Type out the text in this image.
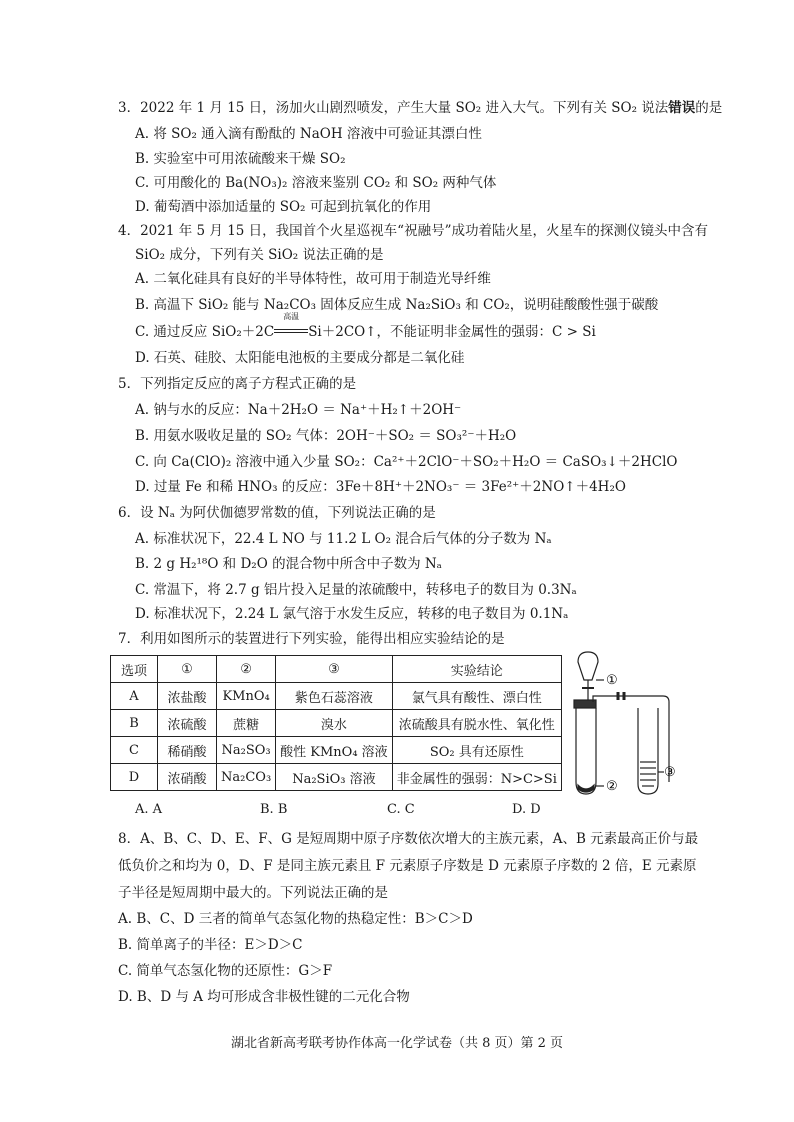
3．2022 年 1 月 15 日，汤加火山剧烈喷发，产生大量 SO₂ 进入大气。下列有关 SO₂ 说法错误的是
A. 将 SO₂ 通入滴有酚酞的 NaOH 溶液中可验证其漂白性
B. 实验室中可用浓硫酸来干燥 SO₂
C. 可用酸化的 Ba(NO₃)₂ 溶液来鉴别 CO₂ 和 SO₂ 两种气体
D. 葡萄酒中添加适量的 SO₂ 可起到抗氧化的作用
4．2021 年 5 月 15 日，我国首个火星巡视车“祝融号”成功着陆火星，火星车的探测仪镜头中含有
SiO₂ 成分，下列有关 SiO₂ 说法正确的是
A. 二氧化硅具有良好的半导体特性，故可用于制造光导纤维
B. 高温下 SiO₂ 能与 Na₂CO₃ 固体反应生成 Na₂SiO₃ 和 CO₂，说明硅酸酸性强于碳酸
C. 通过反应 SiO₂＋2C
高温
Si＋2CO↑，不能证明非金属性的强弱：C > Si
D. 石英、硅胶、太阳能电池板的主要成分都是二氧化硅
5．下列指定反应的离子方程式正确的是
A. 钠与水的反应：Na＋2H₂O ＝ Na⁺＋H₂↑＋2OH⁻
B. 用氨水吸收足量的 SO₂ 气体：2OH⁻＋SO₂ ＝ SO₃²⁻＋H₂O
C. 向 Ca(ClO)₂ 溶液中通入少量 SO₂：Ca²⁺＋2ClO⁻＋SO₂＋H₂O ＝ CaSO₃↓＋2HClO
D. 过量 Fe 和稀 HNO₃ 的反应：3Fe＋8H⁺＋2NO₃⁻ ＝ 3Fe²⁺＋2NO↑＋4H₂O
6．设 Nₐ 为阿伏伽德罗常数的值，下列说法正确的是
A. 标准状况下，22.4 L NO 与 11.2 L O₂ 混合后气体的分子数为 Nₐ
B. 2 g H₂¹⁸O 和 D₂O 的混合物中所含中子数为 Nₐ
C. 常温下，将 2.7 g 铝片投入足量的浓硫酸中，转移电子的数目为 0.3Nₐ
D. 标准状况下，2.24 L 氯气溶于水发生反应，转移的电子数目为 0.1Nₐ
7．利用如图所示的装置进行下列实验，能得出相应实验结论的是
选项	①	②	③	实验结论
A	浓盐酸	KMnO₄	紫色石蕊溶液	氯气具有酸性、漂白性
B	浓硫酸	蔗糖	溴水	浓硫酸具有脱水性、氧化性
C	稀硝酸	Na₂SO₃	酸性 KMnO₄ 溶液	SO₂ 具有还原性
D	浓硝酸	Na₂CO₃	Na₂SiO₃ 溶液	非金属性的强弱：N>C>Si
①
②
③
A. A	B. B	C. C	D. D
8．A、B、C、D、E、F、G 是短周期中原子序数依次增大的主族元素，A、B 元素最高正价与最
低负价之和均为 0，D、F 是同主族元素且 F 元素原子序数是 D 元素原子序数的 2 倍，E 元素原
子半径是短周期中最大的。下列说法正确的是
A. B、C、D 三者的简单气态氢化物的热稳定性：B＞C＞D
B. 简单离子的半径：E＞D＞C
C. 简单气态氢化物的还原性：G＞F
D. B、D 与 A 均可形成含非极性键的二元化合物
湖北省新高考联考协作体高一化学试卷（共 8 页）第 2 页
